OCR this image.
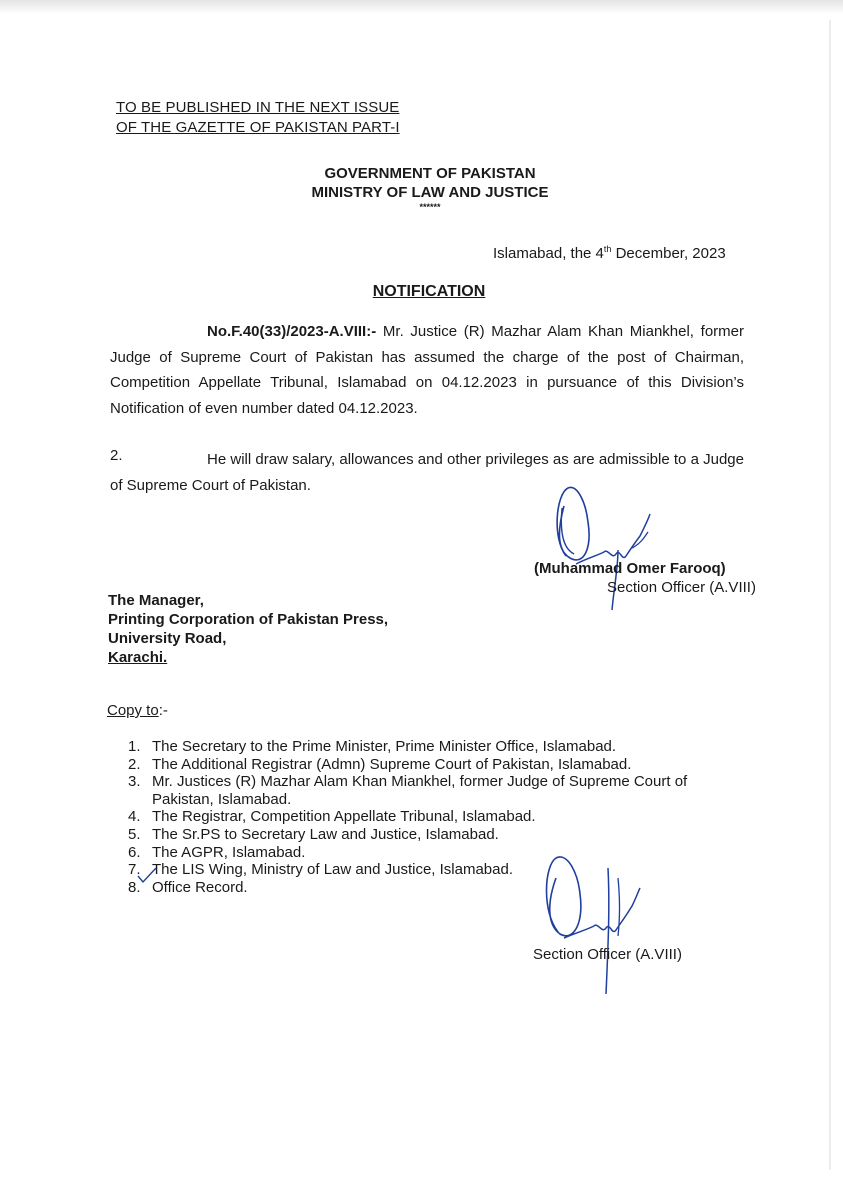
TO BE PUBLISHED IN THE NEXT ISSUE
OF THE GAZETTE OF PAKISTAN PART-I
GOVERNMENT OF PAKISTAN
MINISTRY OF LAW AND JUSTICE
******
Islamabad, the 4th December, 2023
NOTIFICATION
No.F.40(33)/2023-A.VIII:- Mr. Justice (R) Mazhar Alam Khan Miankhel, former Judge of Supreme Court of Pakistan has assumed the charge of the post of Chairman, Competition Appellate Tribunal, Islamabad on 04.12.2023 in pursuance of this Division’s Notification of even number dated 04.12.2023.
2.	He will draw salary, allowances and other privileges as are admissible to a Judge of Supreme Court of Pakistan.
(Muhammad Omer Farooq)
Section Officer (A.VIII)
The Manager,
Printing Corporation of Pakistan Press,
University Road,
Karachi.
Copy to:-
1. The Secretary to the Prime Minister, Prime Minister Office, Islamabad.
2. The Additional Registrar (Admn) Supreme Court of Pakistan, Islamabad.
3. Mr. Justices (R) Mazhar Alam Khan Miankhel, former Judge of Supreme Court of Pakistan, Islamabad.
4. The Registrar, Competition Appellate Tribunal, Islamabad.
5. The Sr.PS to Secretary Law and Justice, Islamabad.
6. The AGPR, Islamabad.
7. The LIS Wing, Ministry of Law and Justice, Islamabad.
8. Office Record.
Section Officer (A.VIII)
